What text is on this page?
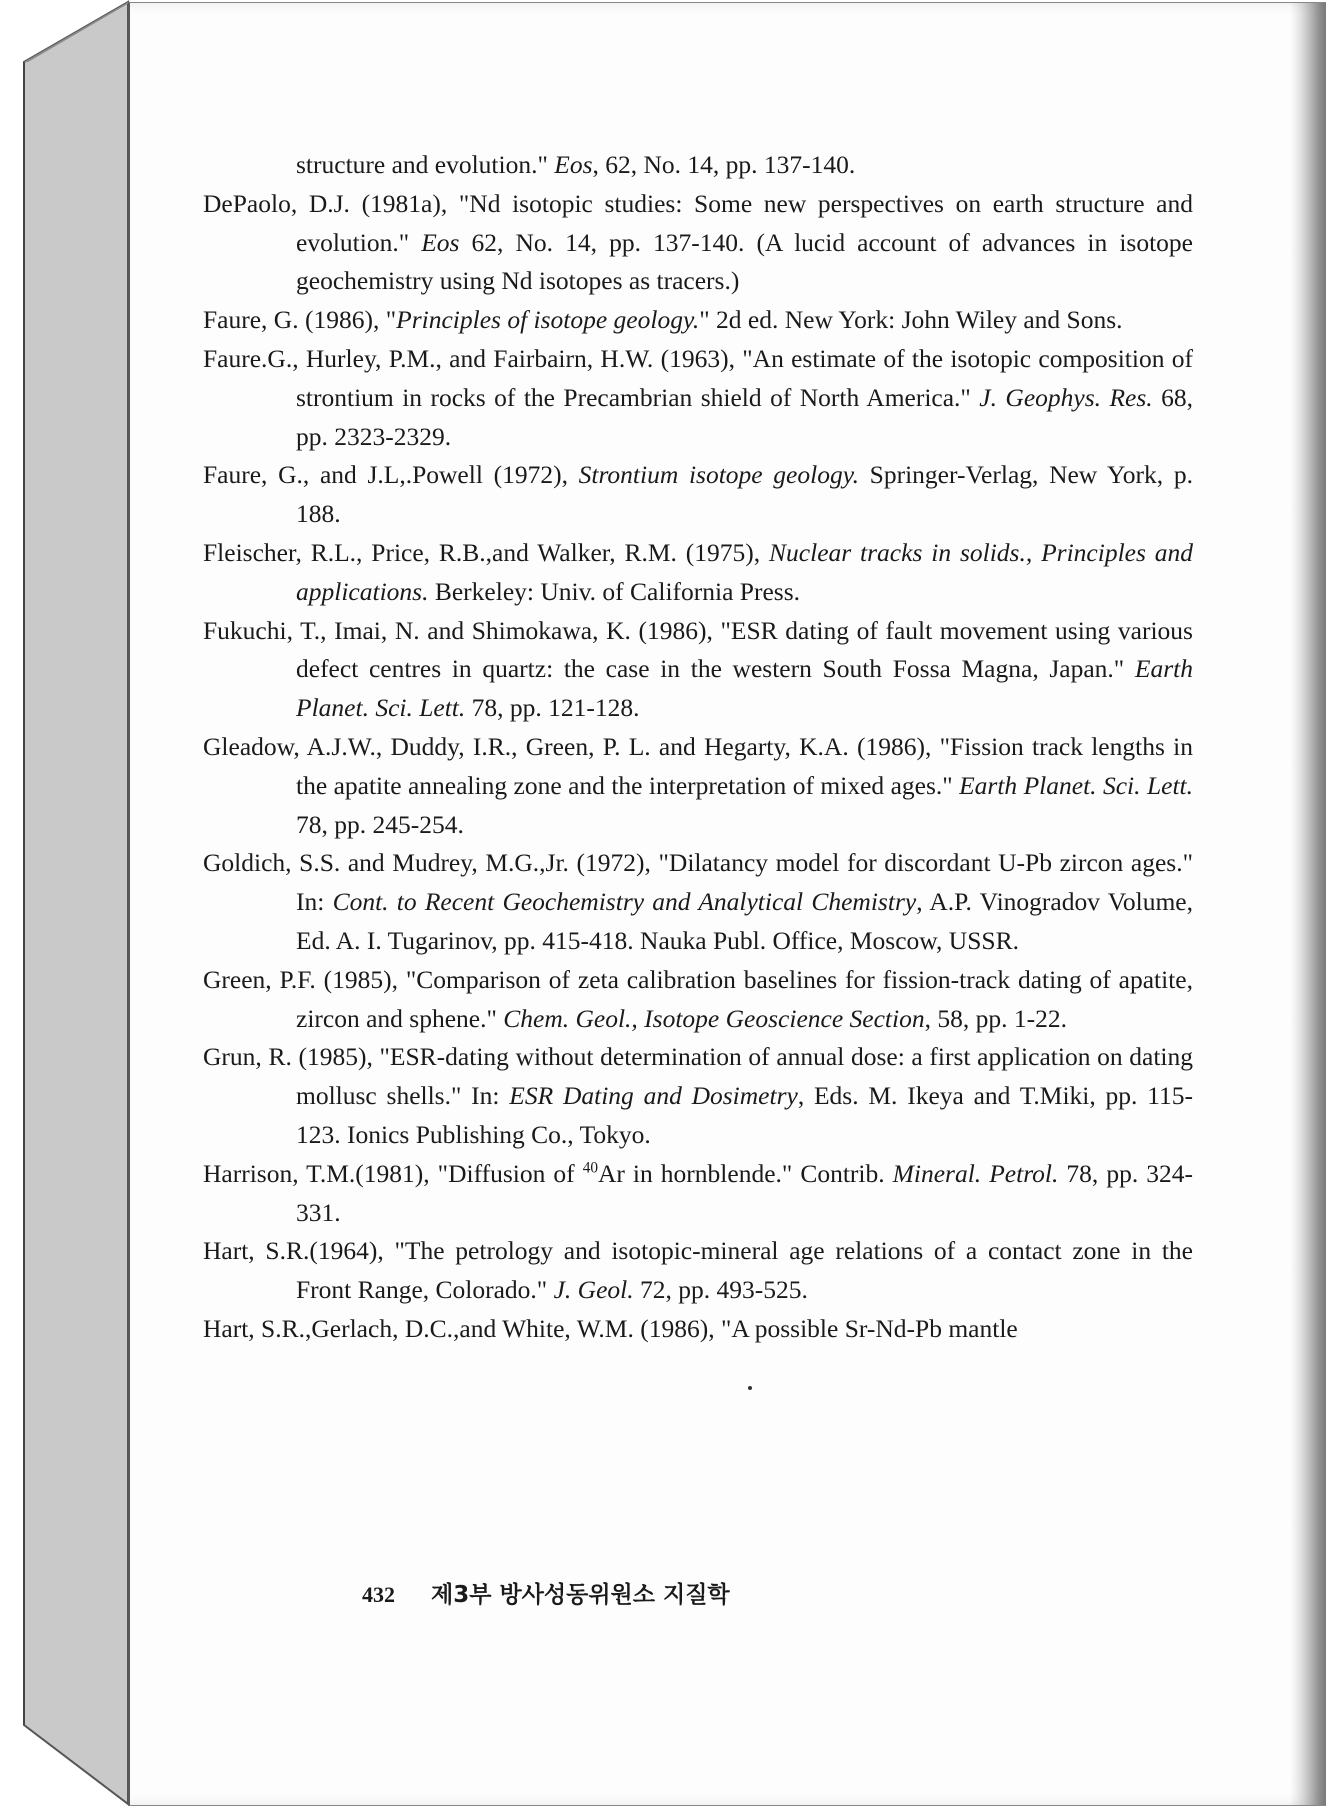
structure and evolution." Eos, 62, No. 14, pp. 137-140.

DePaolo, D.J. (1981a), "Nd isotopic studies: Some new perspectives on earth structure and evolution." Eos 62, No. 14, pp. 137-140. (A lucid account of advances in isotope geochemistry using Nd isotopes as tracers.)

Faure, G. (1986), "Principles of isotope geology." 2d ed. New York: John Wiley and Sons.

Faure.G., Hurley, P.M., and Fairbairn, H.W. (1963), "An estimate of the isotopic composition of strontium in rocks of the Precambrian shield of North America." J. Geophys. Res. 68, pp. 2323-2329.

Faure, G., and J.L,.Powell (1972), Strontium isotope geology. Springer-Verlag, New York, p. 188.

Fleischer, R.L., Price, R.B.,and Walker, R.M. (1975), Nuclear tracks in solids., Principles and applications. Berkeley: Univ. of California Press.

Fukuchi, T., Imai, N. and Shimokawa, K. (1986), "ESR dating of fault movement using various defect centres in quartz: the case in the western South Fossa Magna, Japan." Earth Planet. Sci. Lett. 78, pp. 121-128.

Gleadow, A.J.W., Duddy, I.R., Green, P. L. and Hegarty, K.A. (1986), "Fission track lengths in the apatite annealing zone and the interpretation of mixed ages." Earth Planet. Sci. Lett. 78, pp. 245-254.

Goldich, S.S. and Mudrey, M.G.,Jr. (1972), "Dilatancy model for discordant U-Pb zircon ages." In: Cont. to Recent Geochemistry and Analytical Chemistry, A.P. Vinogradov Volume, Ed. A. I. Tugarinov, pp. 415-418. Nauka Publ. Office, Moscow, USSR.

Green, P.F. (1985), "Comparison of zeta calibration baselines for fission-track dating of apatite, zircon and sphene." Chem. Geol., Isotope Geoscience Section, 58, pp. 1-22.

Grun, R. (1985), "ESR-dating without determination of annual dose: a first application on dating mollusc shells." In: ESR Dating and Dosimetry, Eds. M. Ikeya and T.Miki, pp. 115-123. Ionics Publishing Co., Tokyo.

Harrison, T.M.(1981), "Diffusion of $^{40}$Ar in hornblende." Contrib. Mineral. Petrol. 78, pp. 324-331.

Hart, S.R.(1964), "The petrology and isotopic-mineral age relations of a contact zone in the Front Range, Colorado." J. Geol. 72, pp. 493-525.

Hart, S.R.,Gerlach, D.C.,and White, W.M. (1986), "A possible Sr-Nd-Pb mantle

432 제3부 방사성동위원소 지질학
